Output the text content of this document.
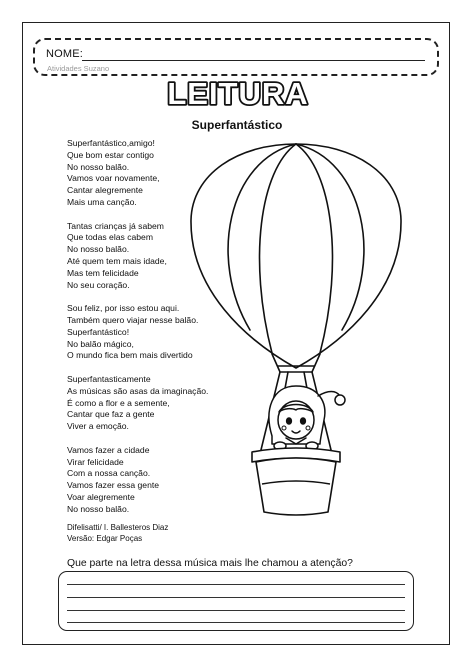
NOME:
Atividades Suzano
LEITURA
Superfantástico
Superfantástico,amigo!
Que bom estar contigo
No nosso balão.
Vamos voar novamente,
Cantar alegremente
Mais uma canção.
Tantas crianças já sabem
Que todas elas cabem
No nosso balão.
Até quem tem mais idade,
Mas tem felicidade
No seu coração.
Sou feliz, por isso estou aqui.
Também quero viajar nesse balão.
Superfantástico!
No balão mágico,
O mundo fica bem mais divertido
Superfantasticamente
As músicas são asas da imaginação.
É como a flor e a semente,
Cantar que faz a gente
Viver a emoção.
Vamos fazer a cidade
Virar felicidade
Com a nossa canção.
Vamos fazer essa gente
Voar alegremente
No nosso balão.
Difelisatti/ I. Ballesteros Diaz
Versão: Edgar Poças
Que parte na letra dessa música mais lhe chamou a atenção?
